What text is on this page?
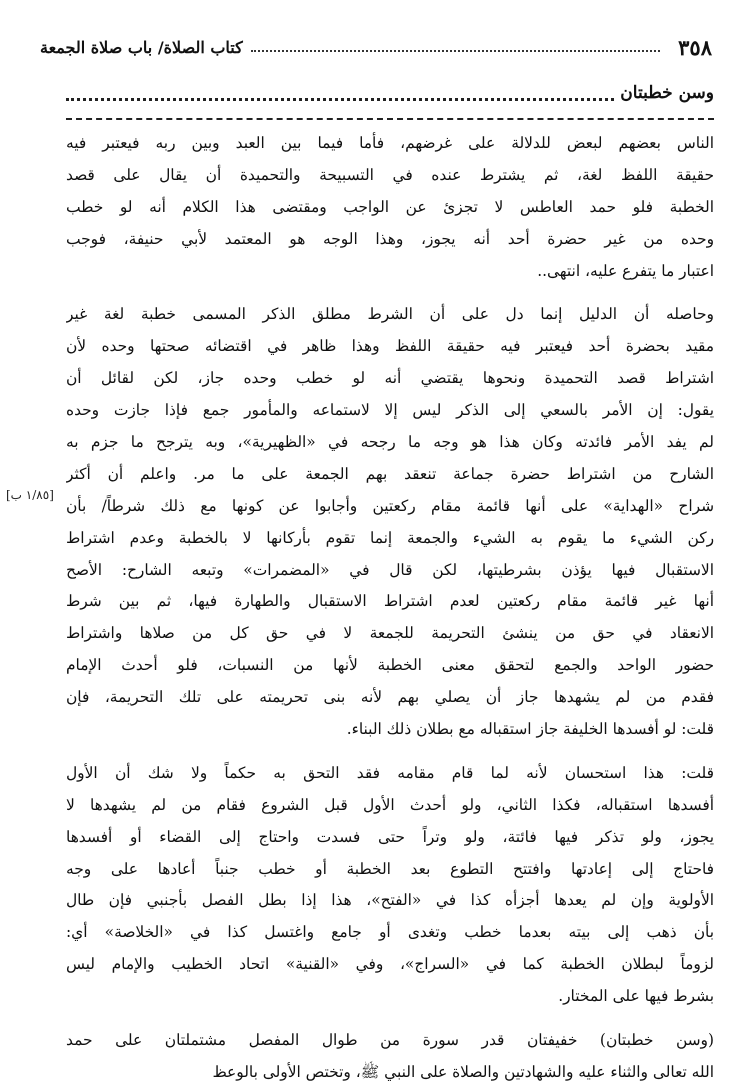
٣٥٨
كتاب الصلاة/ باب صلاة الجمعة
وسن خطبتان
[١/٨٥ ب]
الناس بعضهم لبعض للدلالة على غرضهم، فأما فيما بين العبد وبين ربه فيعتبر فيه
حقيقة اللفظ لغة، ثم يشترط عنده في التسبيحة والتحميدة أن يقال على قصد
الخطبة فلو حمد العاطس لا تجزئ عن الواجب ومقتضى هذا الكلام أنه لو خطب
وحده من غير حضرة أحد أنه يجوز، وهذا الوجه هو المعتمد لأبي حنيفة، فوجب
اعتبار ما يتفرع عليه، انتهى..
وحاصله أن الدليل إنما دل على أن الشرط مطلق الذكر المسمى خطبة لغة غير
مقيد بحضرة أحد فيعتبر فيه حقيقة اللفظ وهذا ظاهر في اقتضائه صحتها وحده لأن
اشتراط قصد التحميدة ونحوها يقتضي أنه لو خطب وحده جاز، لكن لقائل أن
يقول: إن الأمر بالسعي إلى الذكر ليس إلا لاستماعه والمأمور جمع فإذا جازت وحده
لم يفد الأمر فائدته وكان هذا هو وجه ما رجحه في «الظهيرية»، وبه يترجح ما جزم به
الشارح من اشتراط حضرة جماعة تنعقد بهم الجمعة على ما مر. واعلم أن أكثر
شراح «الهداية» على أنها قائمة مقام ركعتين وأجابوا عن كونها مع ذلك شرطاً/ بأن
ركن الشيء ما يقوم به الشيء والجمعة إنما تقوم بأركانها لا بالخطبة وعدم اشتراط
الاستقبال فيها يؤذن بشرطيتها، لكن قال في «المضمرات» وتبعه الشارح: الأصح
أنها غير قائمة مقام ركعتين لعدم اشتراط الاستقبال والطهارة فيها، ثم بين شرط
الانعقاد في حق من ينشئ التحريمة للجمعة لا في حق كل من صلاها واشتراط
حضور الواحد والجمع لتحقق معنى الخطبة لأنها من النسبات، فلو أحدث الإمام
فقدم من لم يشهدها جاز أن يصلي بهم لأنه بنى تحريمته على تلك التحريمة، فإن
قلت: لو أفسدها الخليفة جاز استقباله مع بطلان ذلك البناء.
قلت: هذا استحسان لأنه لما قام مقامه فقد التحق به حكماً ولا شك أن الأول
أفسدها استقباله، فكذا الثاني، ولو أحدث الأول قبل الشروع فقام من لم يشهدها لا
يجوز، ولو تذكر فيها فائتة، ولو وتراً حتى فسدت واحتاج إلى القضاء أو أفسدها
فاحتاج إلى إعادتها وافتتح التطوع بعد الخطبة أو خطب جنباً أعادها على وجه
الأولوية وإن لم يعدها أجزأه كذا في «الفتح»، هذا إذا بطل الفصل بأجنبي فإن طال
بأن ذهب إلى بيته بعدما خطب وتغدى أو جامع واغتسل كذا في «الخلاصة» أي:
لزوماً لبطلان الخطبة كما في «السراج»، وفي «القنية» اتحاد الخطيب والإمام ليس
بشرط فيها على المختار.
(وسن خطبتان) خفيفتان قدر سورة من طوال المفصل مشتملتان على حمد
الله تعالى والثناء عليه والشهادتين والصلاة على النبي ﷺ، وتختص الأولى بالوعظ
